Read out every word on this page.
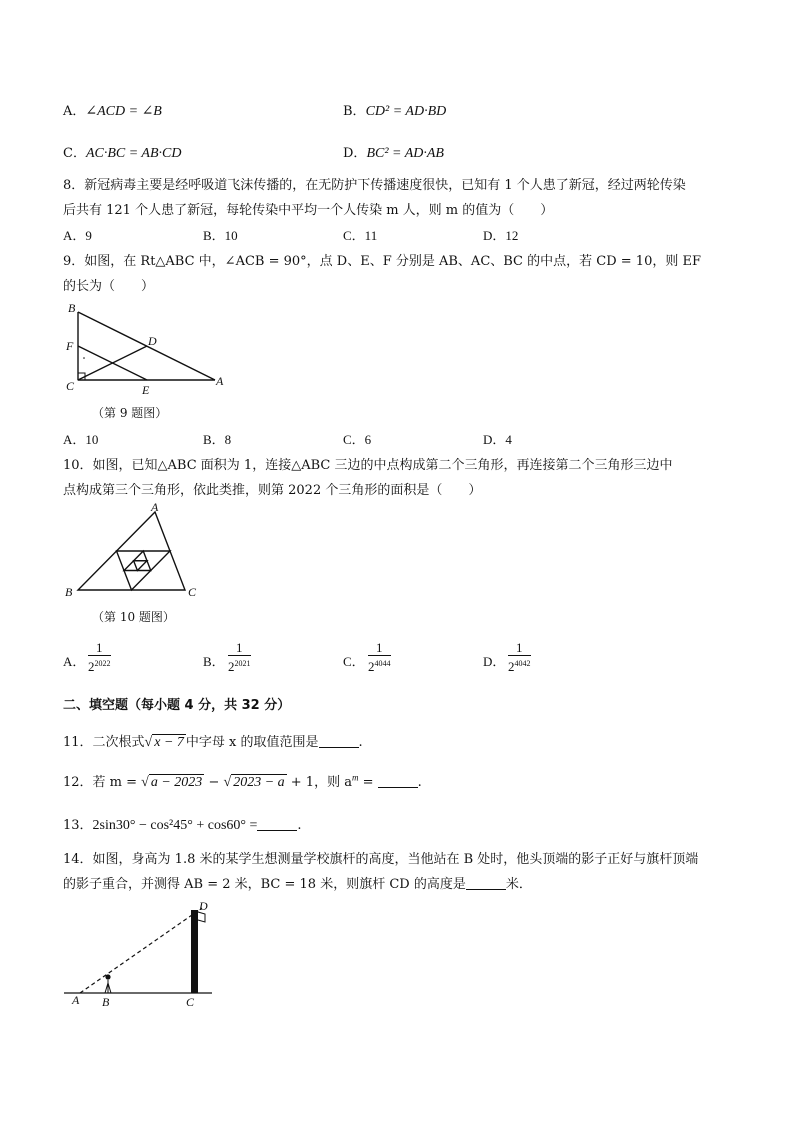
A．∠ACD = ∠B	B．CD² = AD·BD
C．AC·BC = AB·CD	D．BC² = AD·AB
8．新冠病毒主要是经呼吸道飞沫传播的，在无防护下传播速度很快，已知有 1 个人患了新冠，经过两轮传染
后共有 121 个人患了新冠，每轮传染中平均一个人传染 m 人，则 m 的值为（　　）
A．9	B．10	C．11	D．12
9．如图，在 Rt△ABC 中，∠ACB = 90°，点 D、E、F 分别是 AB、AC、BC 的中点，若 CD = 10，则 EF
的长为（　　）
B
D
F
C	E
A
（第 9 题图）
A．10	B．8	C．6	D．4
10．如图，已知△ABC 面积为 1，连接△ABC 三边的中点构成第二个三角形，再连接第二个三角形三边中
点构成第三个三角形，依此类推，则第 2022 个三角形的面积是（　　）
A
B	C
（第 10 题图）
A．
1
$2^{2022}$	B．
1
$2^{2021}$	C．
1
$2^{4044}$	D．
1
$2^{4042}$
二、填空题（每小题 4 分，共 32 分）
11．二次根式√ x − 7 中字母 x 的取值范围是	.
12．若 m = √ a − 2023 − √ 2023 − a + 1，则 $a^m$ =	.
13．2sin30° − cos²45° + cos60° =	.
14．如图，身高为 1.8 米的某学生想测量学校旗杆的高度，当他站在 B 处时，他头顶端的影子正好与旗杆顶端
的影子重合，并测得 AB = 2 米，BC = 18 米，则旗杆 CD 的高度是	米．
A B	C
D
